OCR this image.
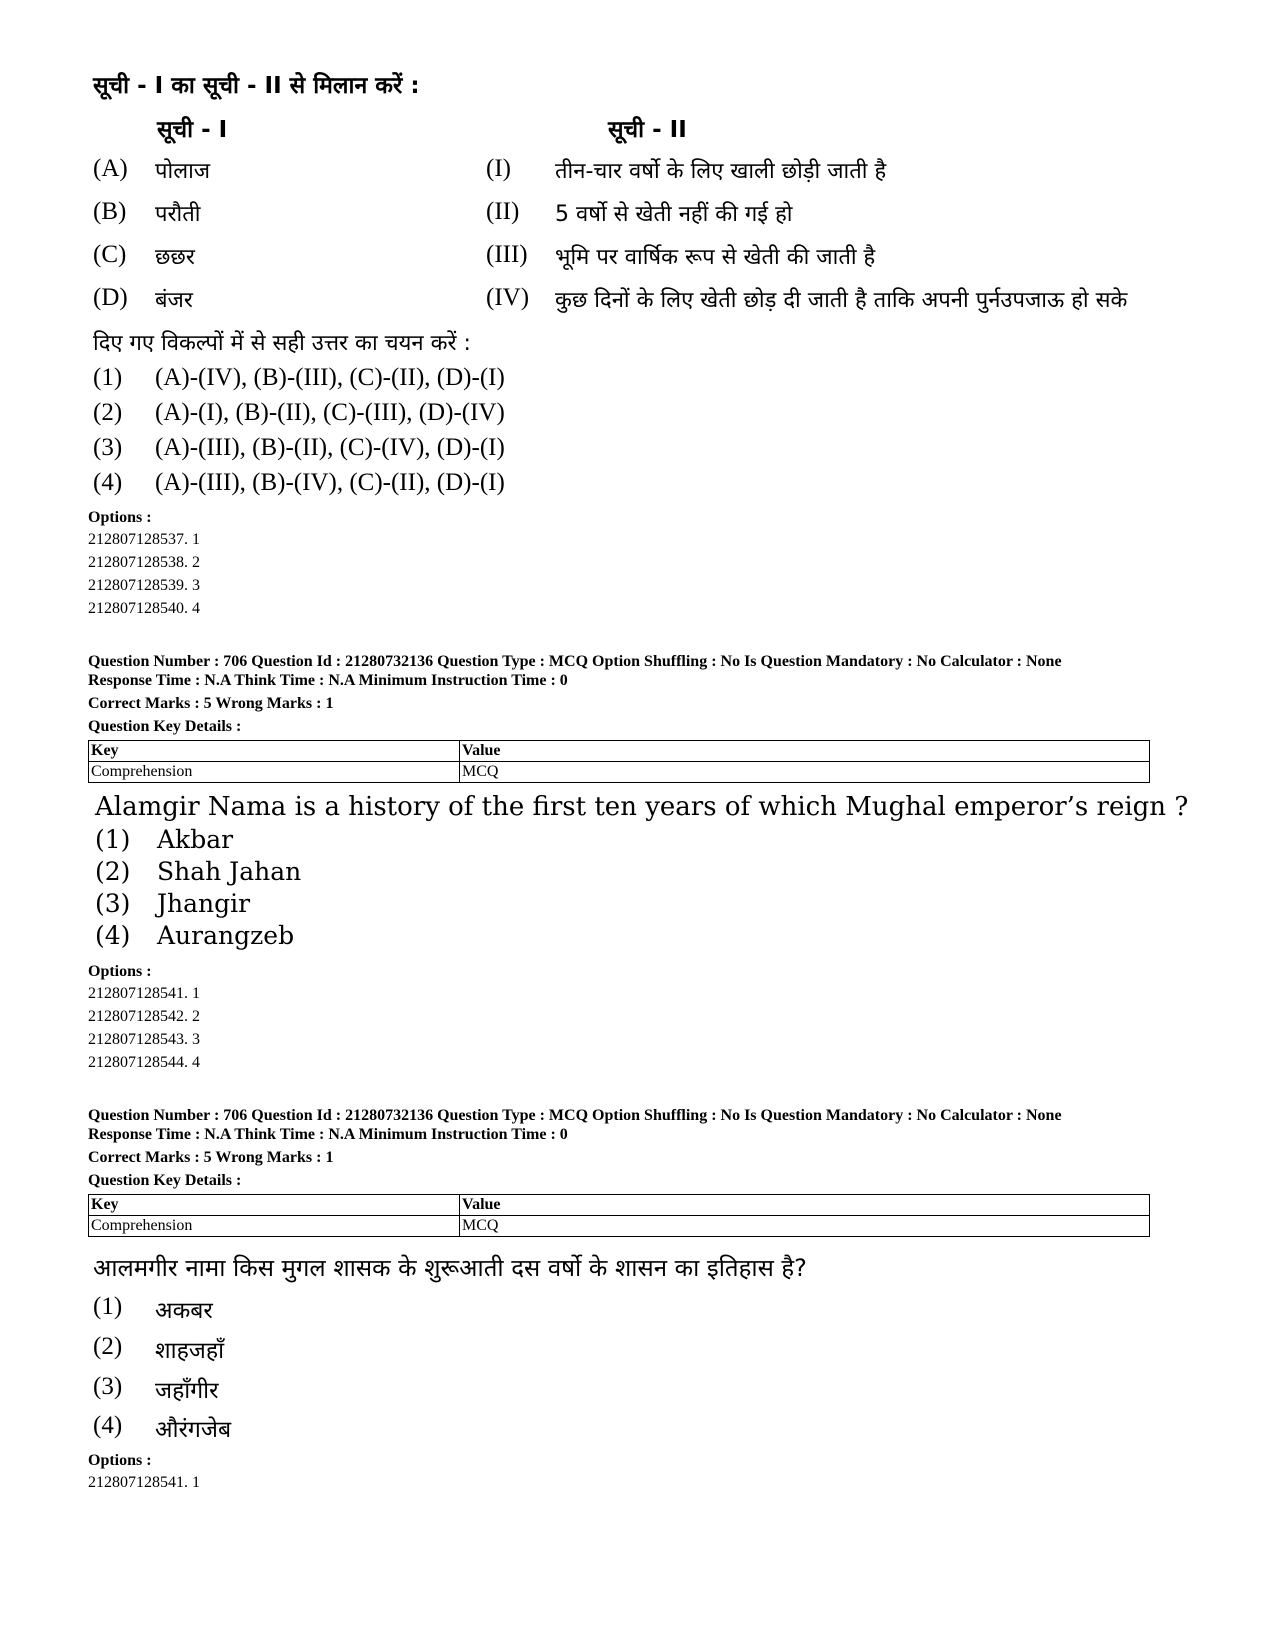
सूची - I का सूची - II से मिलान करें :
सूची - I	सूची - II
(A) पोलाज	(I) तीन-चार वर्षो के लिए खाली छोड़ी जाती है
(B) परौती	(II) 5 वर्षो से खेती नहीं की गई हो
(C) छछर	(III) भूमि पर वार्षिक रूप से खेती की जाती है
(D) बंजर	(IV) कुछ दिनों के लिए खेती छोड़ दी जाती है ताकि अपनी पुर्नउपजाऊ हो सके
दिए गए विकल्पों में से सही उत्तर का चयन करें :
(1) (A)-(IV), (B)-(III), (C)-(II), (D)-(I)
(2) (A)-(I), (B)-(II), (C)-(III), (D)-(IV)
(3) (A)-(III), (B)-(II), (C)-(IV), (D)-(I)
(4) (A)-(III), (B)-(IV), (C)-(II), (D)-(I)
Options :
212807128537. 1
212807128538. 2
212807128539. 3
212807128540. 4
Question Number : 706 Question Id : 21280732136 Question Type : MCQ Option Shuffling : No Is Question Mandatory : No Calculator : None
Response Time : N.A Think Time : N.A Minimum Instruction Time : 0
Correct Marks : 5 Wrong Marks : 1
Question Key Details :
Key	Value
Comprehension	MCQ
Alamgir Nama is a history of the first ten years of which Mughal emperor’s reign ?
(1) Akbar
(2) Shah Jahan
(3) Jhangir
(4) Aurangzeb
Options :
212807128541. 1
212807128542. 2
212807128543. 3
212807128544. 4
Question Number : 706 Question Id : 21280732136 Question Type : MCQ Option Shuffling : No Is Question Mandatory : No Calculator : None
Response Time : N.A Think Time : N.A Minimum Instruction Time : 0
Correct Marks : 5 Wrong Marks : 1
Question Key Details :
Key	Value
Comprehension	MCQ
आलमगीर नामा किस मुगल शासक के शुरूआती दस वर्षो के शासन का इतिहास है?
(1) अकबर
(2) शाहजहाँ
(3) जहाँगीर
(4) औरंगजेब
Options :
212807128541. 1
